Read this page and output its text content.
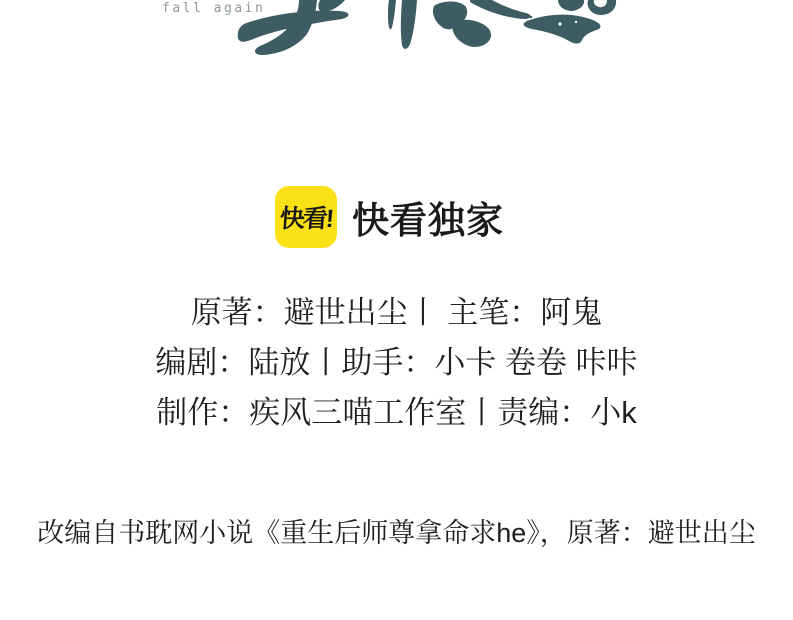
fall again
快看! 快看独家
原著：避世出尘丨 主笔：阿鬼
编剧：陆放丨助手：小卡 卷卷 咔咔
制作：疾风三喵工作室丨责编：小k
改编自书耽网小说《重生后师尊拿命求he》，原著：避世出尘
